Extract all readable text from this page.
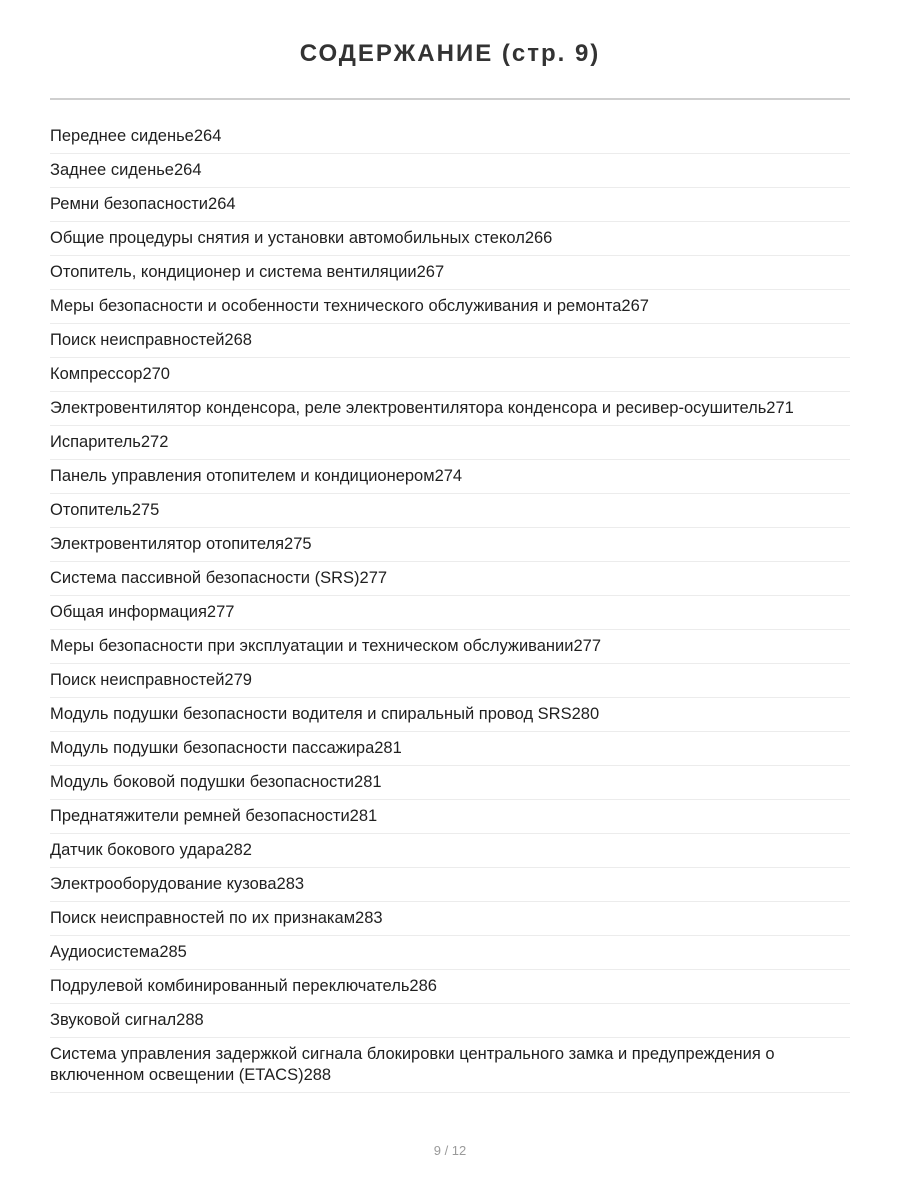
СОДЕРЖАНИЕ (стр. 9)
Переднее сиденье264
Заднее сиденье264
Ремни безопасности264
Общие процедуры снятия и установки автомобильных стекол266
Отопитель, кондиционер и система вентиляции267
Меры безопасности и особенности технического обслуживания и ремонта267
Поиск неисправностей268
Компрессор270
Электровентилятор конденсора, реле электровентилятора конденсора и ресивер-осушитель271
Испаритель272
Панель управления отопителем и кондиционером274
Отопитель275
Электровентилятор отопителя275
Система пассивной безопасности (SRS)277
Общая информация277
Меры безопасности при эксплуатации и техническом обслуживании277
Поиск неисправностей279
Модуль подушки безопасности водителя и спиральный провод SRS280
Модуль подушки безопасности пассажира281
Модуль боковой подушки безопасности281
Преднатяжители ремней безопасности281
Датчик бокового удара282
Электрооборудование кузова283
Поиск неисправностей по их признакам283
Аудиосистема285
Подрулевой комбинированный переключатель286
Звуковой сигнал288
Система управления задержкой сигнала блокировки центрального замка и предупреждения о включенном освещении (ETACS)288
9 / 12
